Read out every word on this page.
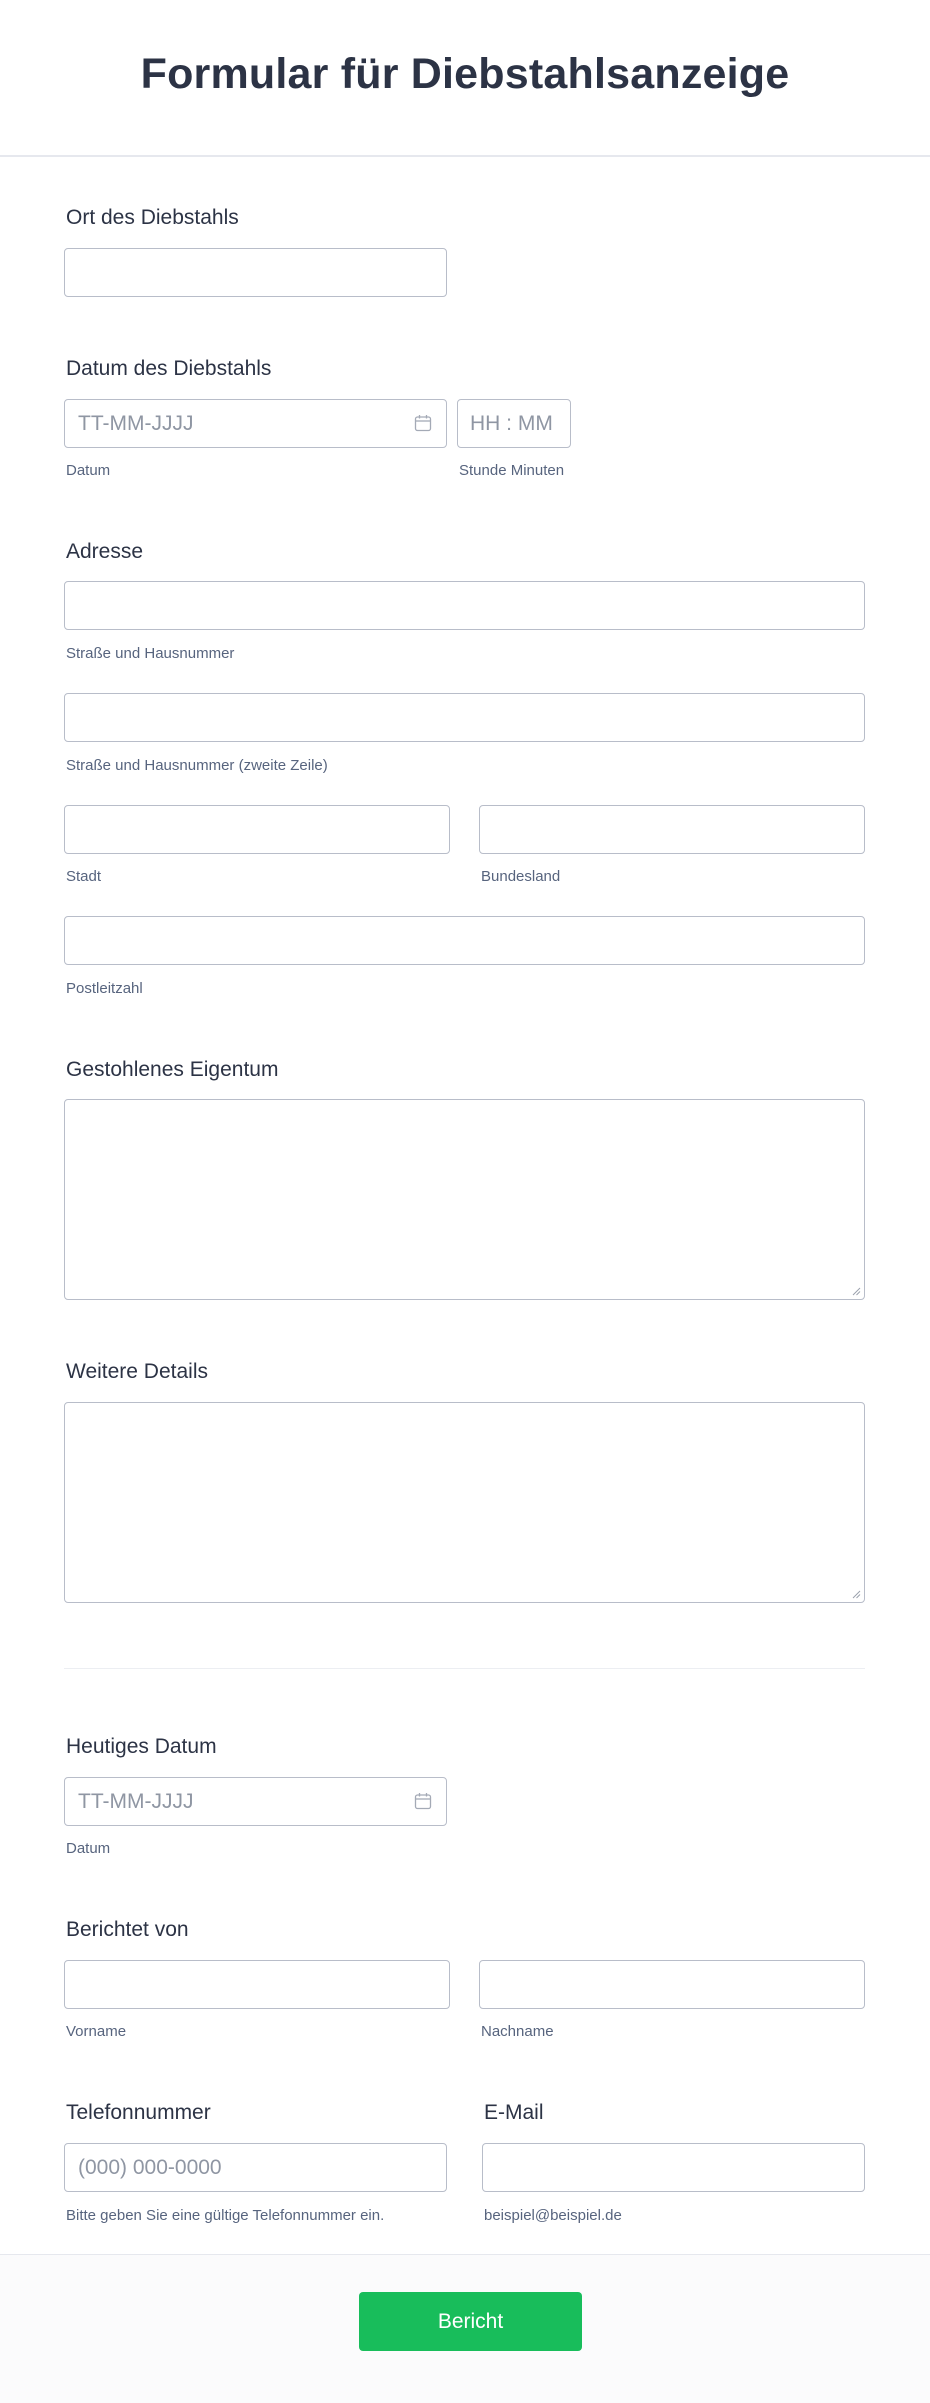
Formular für Diebstahlsanzeige
Ort des Diebstahls
Datum des Diebstahls
TT-MM-JJJJ
Datum
HH : MM
Stunde Minuten
Adresse
Straße und Hausnummer
Straße und Hausnummer (zweite Zeile)
Stadt	Bundesland
Postleitzahl
Gestohlenes Eigentum
Weitere Details
Heutiges Datum
TT-MM-JJJJ
Datum
Berichtet von
Vorname	Nachname
Telefonnummer
(000) 000-0000
Bitte geben Sie eine gültige Telefonnummer ein.
E-Mail
beispiel@beispiel.de
Bericht
